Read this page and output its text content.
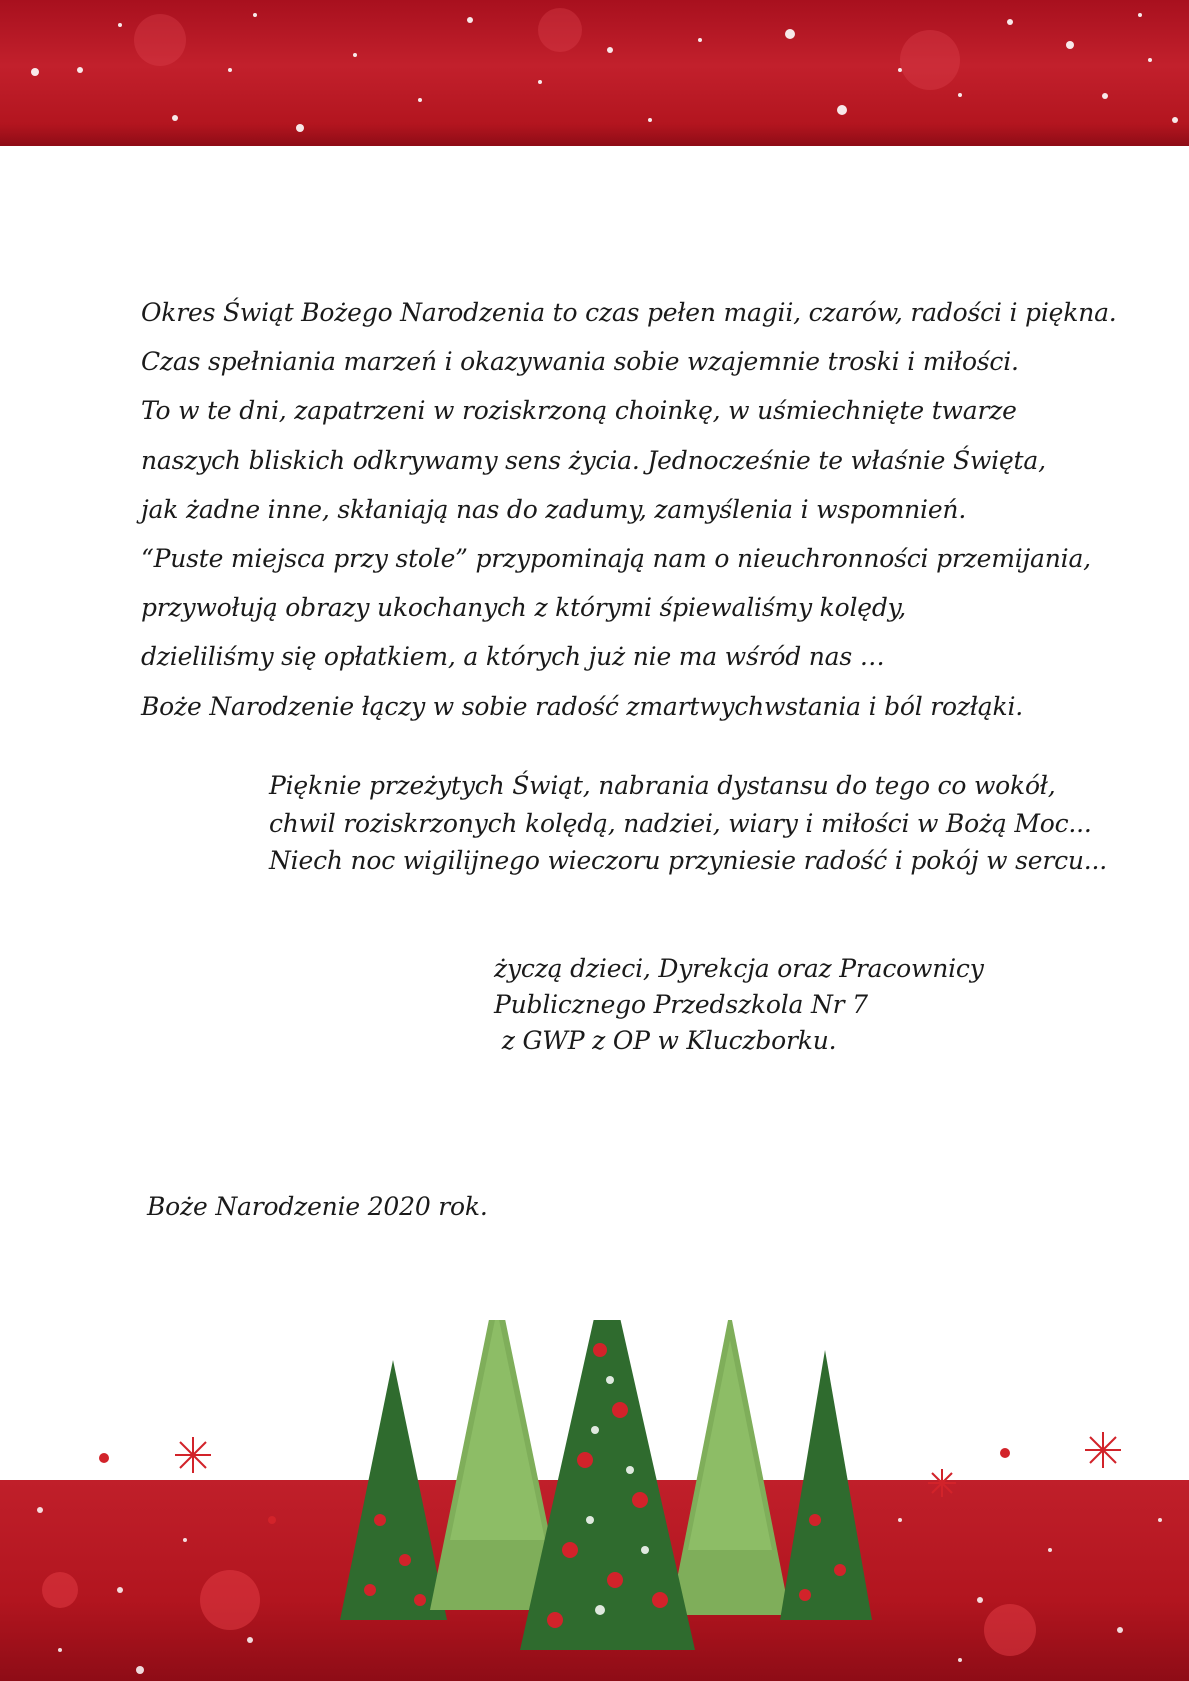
Okres Świąt Bożego Narodzenia to czas pełen magii, czarów, radości i piękna.

Czas spełniania marzeń i okazywania sobie wzajemnie troski i miłości.

To w te dni, zapatrzeni w roziskrzoną choinkę, w uśmiechnięte twarze

naszych bliskich odkrywamy sens życia. Jednocześnie te właśnie Święta,

jak żadne inne, skłaniają nas do zadumy, zamyślenia i wspomnień.

“Puste miejsca przy stole” przypominają nam o nieuchronności przemijania,

przywołują obrazy ukochanych z którymi śpiewaliśmy kolędy,

dzieliliśmy się opłatkiem, a których już nie ma wśród nas …

Boże Narodzenie łączy w sobie radość zmartwychwstania i ból rozłąki.

Pięknie przeżytych Świąt, nabrania dystansu do tego co wokół,

chwil roziskrzonych kolędą, nadziei, wiary i miłości w Bożą Moc...

Niech noc wigilijnego wieczoru przyniesie radość i pokój w sercu...

życzą dzieci, Dyrekcja oraz Pracownicy

Publicznego Przedszkola Nr 7

z GWP z OP w Kluczborku.

Boże Narodzenie 2020 rok.
